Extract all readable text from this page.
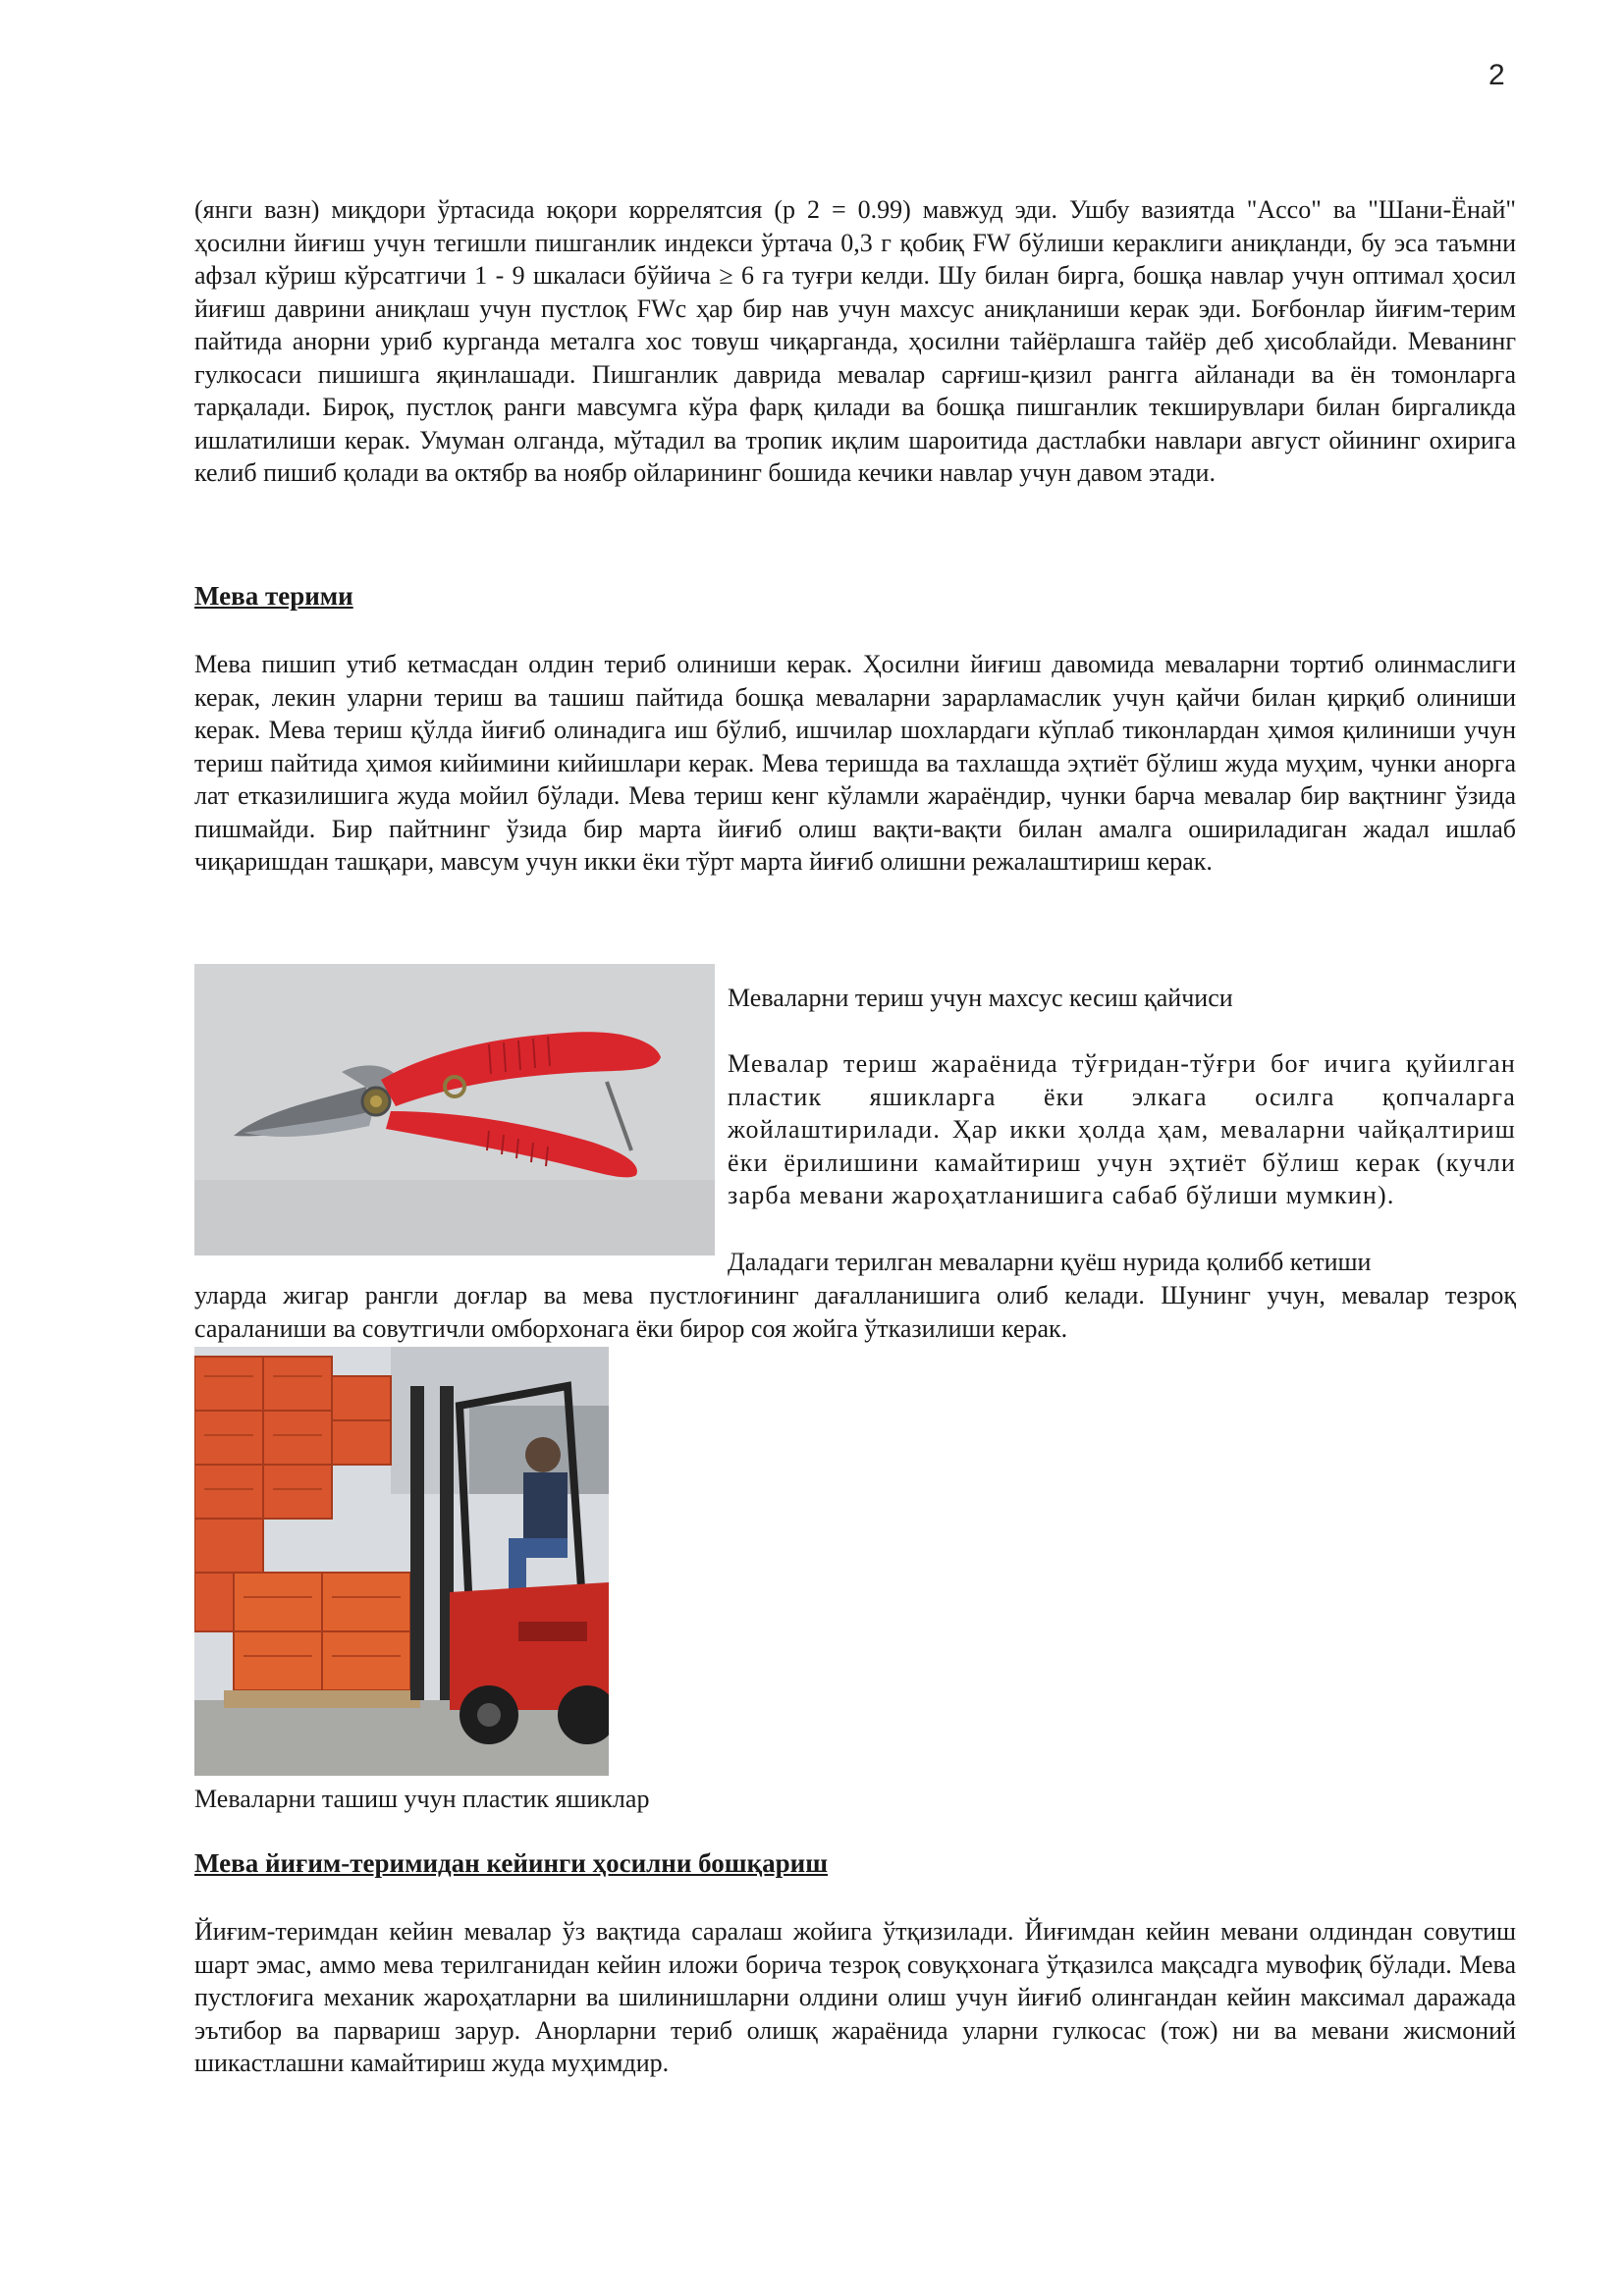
2

(янги вазн) миқдори ўртасида юқори коррелятсия (p 2 = 0.99) мавжуд эди. Ушбу вазиятда "Acco" ва "Шани-Ёнай" ҳосилни йиғиш учун тегишли пишганлик индекси ўртача 0,3 г қобиқ FW бўлиши кераклиги аниқланди, бу эса таъмни афзал кўриш кўрсатгичи 1 - 9 шкаласи бўйича ≥ 6 га туғри келди. Шу билан бирга, бошқа навлар учун оптимал ҳосил йиғиш даврини аниқлаш учун пустлоқ FWc ҳар бир нав учун махсус аниқланиши керак эди. Боғбонлар йиғим-терим пайтида анорни уриб курганда металга хос товуш чиқарганда, ҳосилни тайёрлашга тайёр деб ҳисоблайди. Меванинг гулкосаси пишишга яқинлашади. Пишганлик даврида мевалар сарғиш-қизил рангга айланади ва ён томонларга тарқалади. Бироқ, пустлоқ ранги мавсумга кўра фарқ қилади ва бошқа пишганлик текширувлари билан биргаликда ишлатилиши керак. Умуман олганда, мўтадил ва тропик иқлим шароитида дастлабки навлари август ойининг охирига келиб пишиб қолади ва октябр ва ноябр ойларининг бошида кечики навлар учун давом этади.

Мева терими

Мева пишип утиб кетмасдан олдин териб олиниши керак. Ҳосилни йиғиш давомида меваларни тортиб олинмаслиги керак, лекин уларни териш ва ташиш пайтида бошқа меваларни зарарламаслик учун қайчи билан қирқиб олиниши керак. Мева териш қўлда йиғиб олинадига иш бўлиб, ишчилар шохлардаги кўплаб тиконлардан ҳимоя қилиниши учун териш пайтида ҳимоя кийимини кийишлари керак. Мева теришда ва тахлашда эҳтиёт бўлиш жуда муҳим, чунки анорга лат етказилишига жуда мойил бўлади. Мева териш кенг кўламли жараёндир, чунки барча мевалар бир вақтнинг ўзида пишмайди. Бир пайтнинг ўзида бир марта йиғиб олиш вақти-вақти билан амалга ошириладиган жадал ишлаб чиқаришдан ташқари, мавсум учун икки ёки тўрт марта йиғиб олишни режалаштириш керак.

Меваларни териш учун махсус кесиш қайчиси

Мевалар териш жараёнида тўғридан-тўғри боғ ичига қуйилган пластик яшикларга ёки элкага осилга қопчаларга жойлаштирилади. Ҳар икки ҳолда ҳам, меваларни чайқалтириш ёки ёрилишини камайтириш учун эҳтиёт бўлиш керак (кучли зарба мевани жароҳатланишига сабаб бўлиши мумкин).

Даладаги терилган меваларни қуёш нурида қолибб кетиши

уларда жигар рангли доғлар ва мева пустлоғининг дағалланишига олиб келади. Шунинг учун, мевалар тезроқ сараланиши ва совутгичли омборхонага ёки бирор соя жойга ўтказилиши керак.

Меваларни ташиш учун пластик яшиклар

Мева йиғим-теримидан кейинги ҳосилни бошқариш

Йиғим-теримдан кейин мевалар ўз вақтида саралаш жойига ўтқизилади. Йиғимдан кейин мевани олдиндан совутиш шарт эмас, аммо мева терилганидан кейин иложи борича тезроқ совуқхонага ўтқазилса мақсадга мувофиқ бўлади. Мева пустлоғига механик жароҳатларни ва шилинишларни олдини олиш учун йиғиб олингандан кейин максимал даражада эътибор ва парвариш зарур. Анорларни териб олишқ жараёнида уларни гулкосас (тож) ни ва мевани жисмоний шикастлашни камайтириш жуда муҳимдир.
